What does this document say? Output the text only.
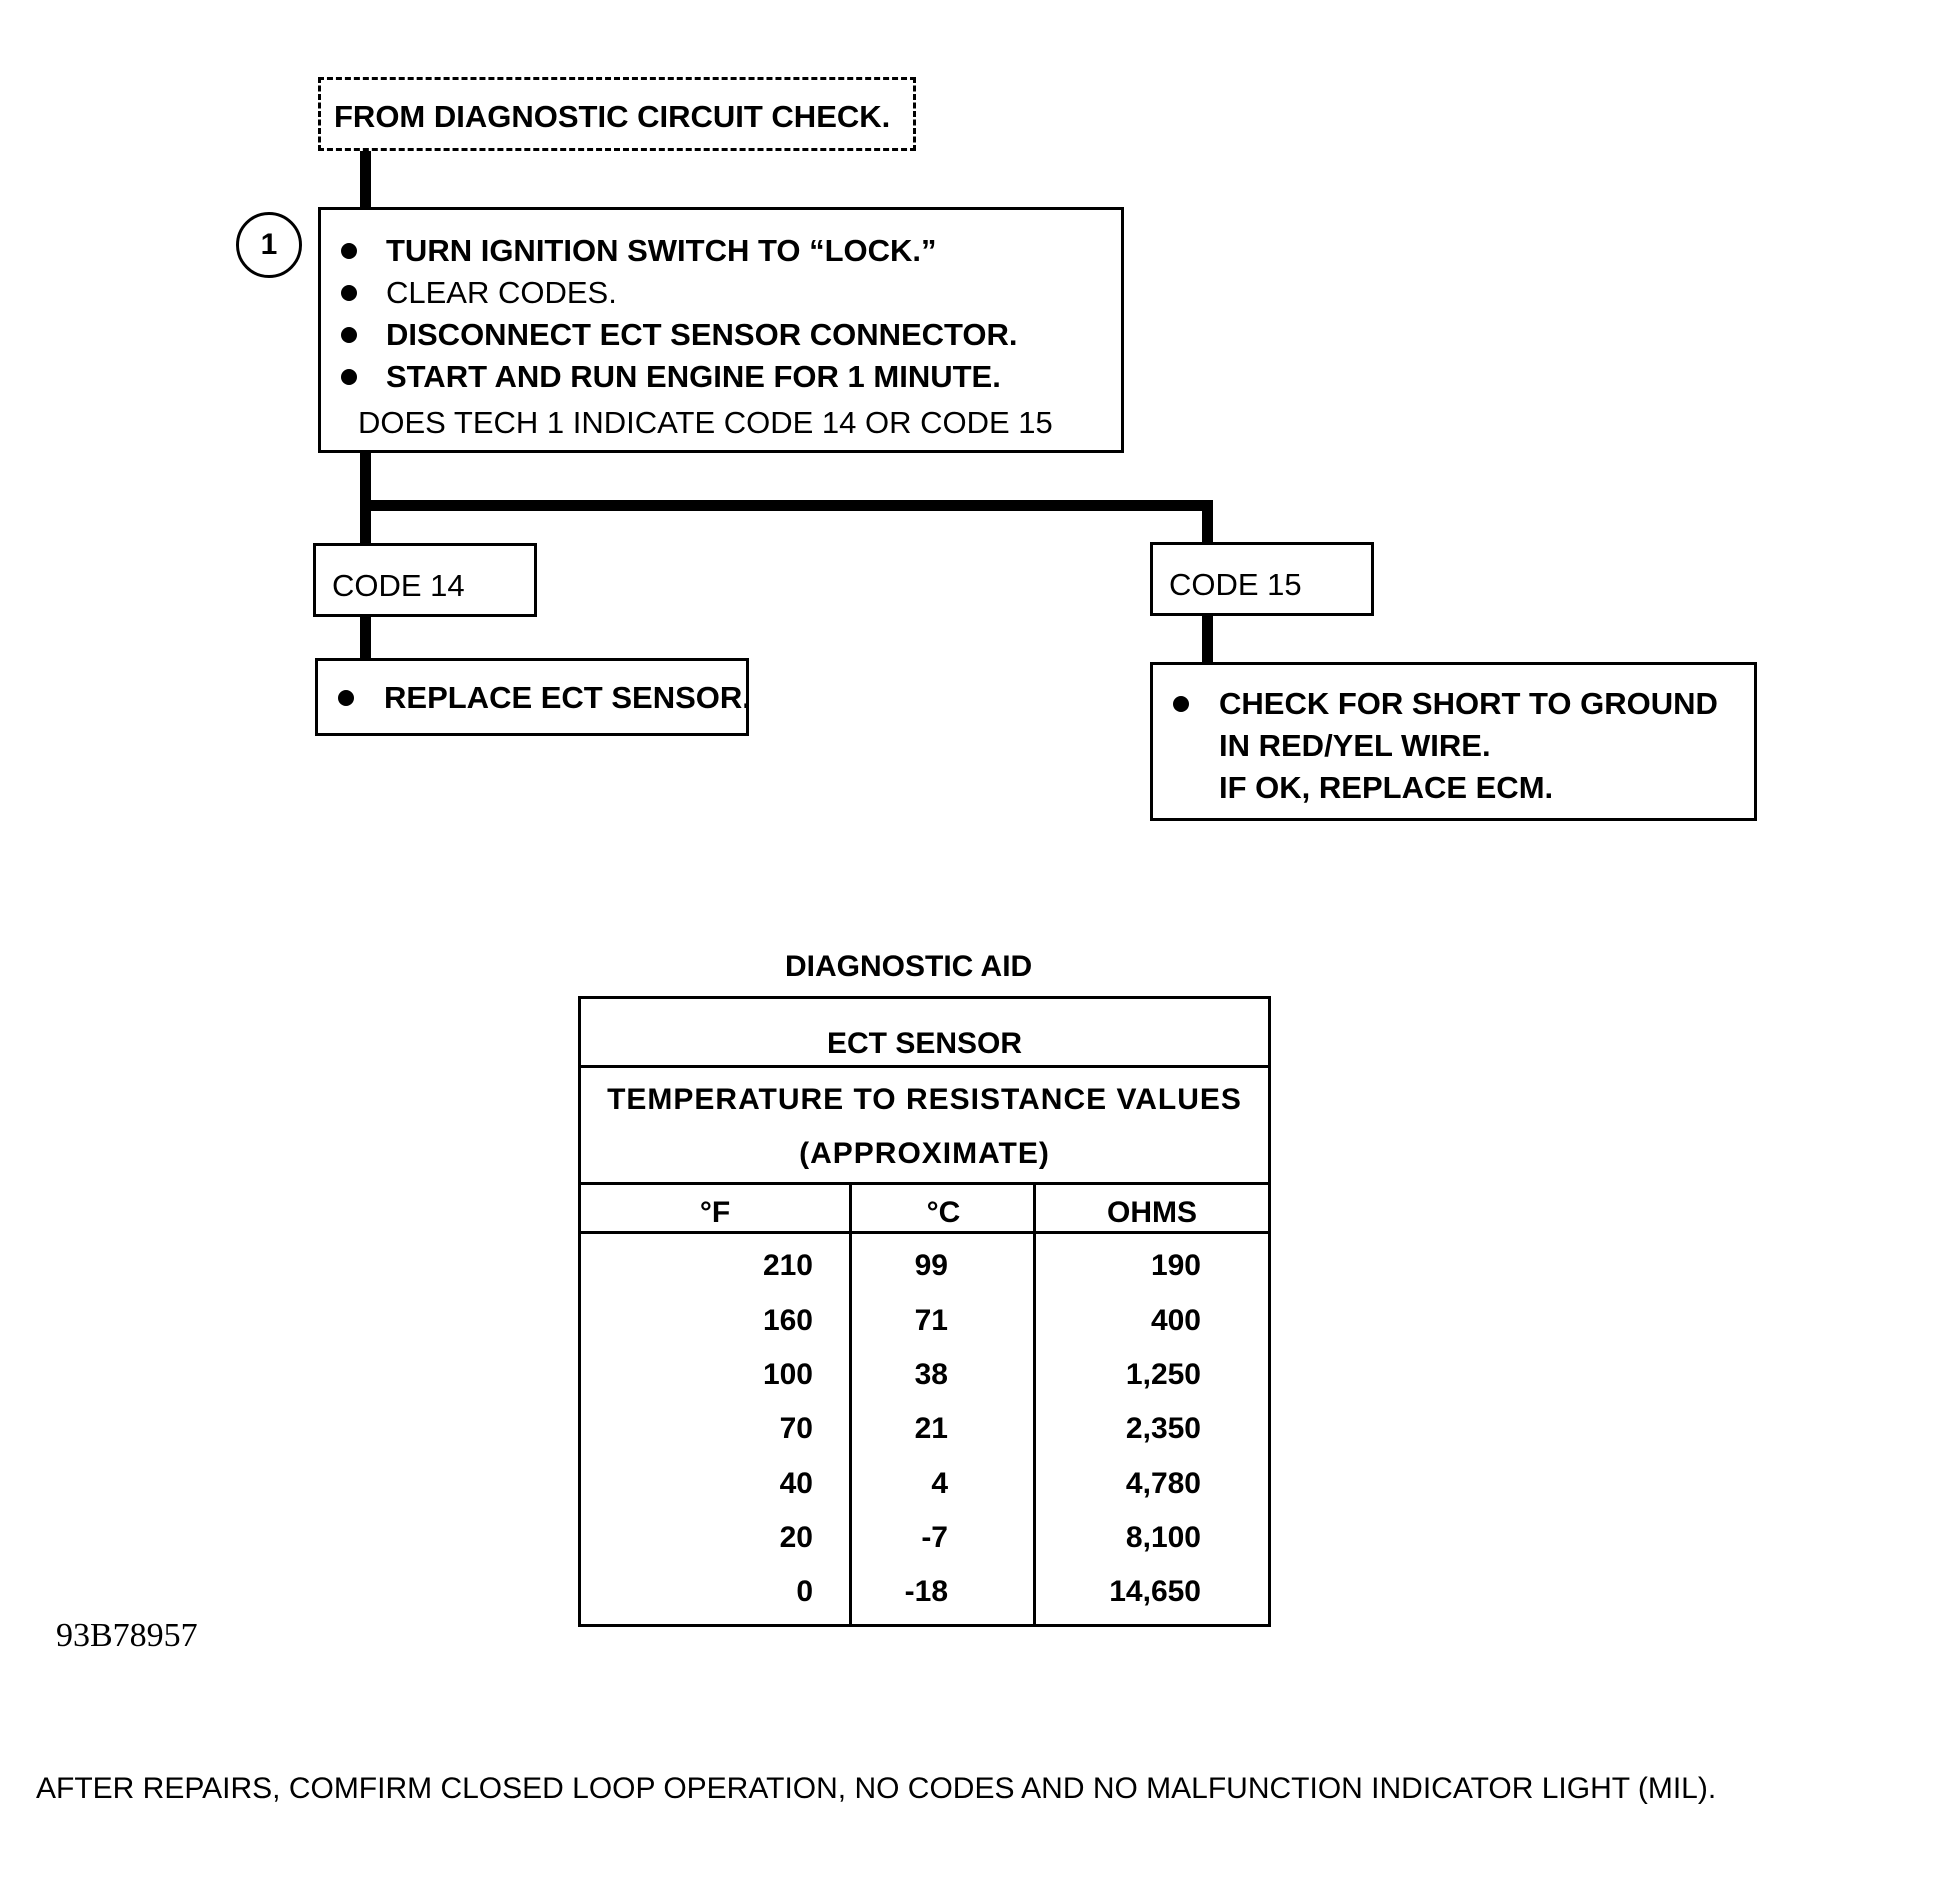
FROM DIAGNOSTIC CIRCUIT CHECK.
1	TURN IGNITION SWITCH TO “LOCK.”
CLEAR CODES.
DISCONNECT ECT SENSOR CONNECTOR.
START AND RUN ENGINE FOR 1 MINUTE.
DOES TECH 1 INDICATE CODE 14 OR CODE 15
CODE 14	CODE 15
REPLACE ECT SENSOR.	CHECK FOR SHORT TO GROUND
IN RED/YEL WIRE.
IF OK, REPLACE ECM.
DIAGNOSTIC AID
ECT SENSOR
TEMPERATURE TO RESISTANCE VALUES
(APPROXIMATE)
°F	°C	OHMS
210	99	190
160	71	400
100	38	1,250
70	21	2,350
40	4	4,780
20	-7	8,100
0	-18	14,650
93B78957
AFTER REPAIRS, COMFIRM CLOSED LOOP OPERATION, NO CODES AND NO MALFUNCTION INDICATOR LIGHT (MIL).
